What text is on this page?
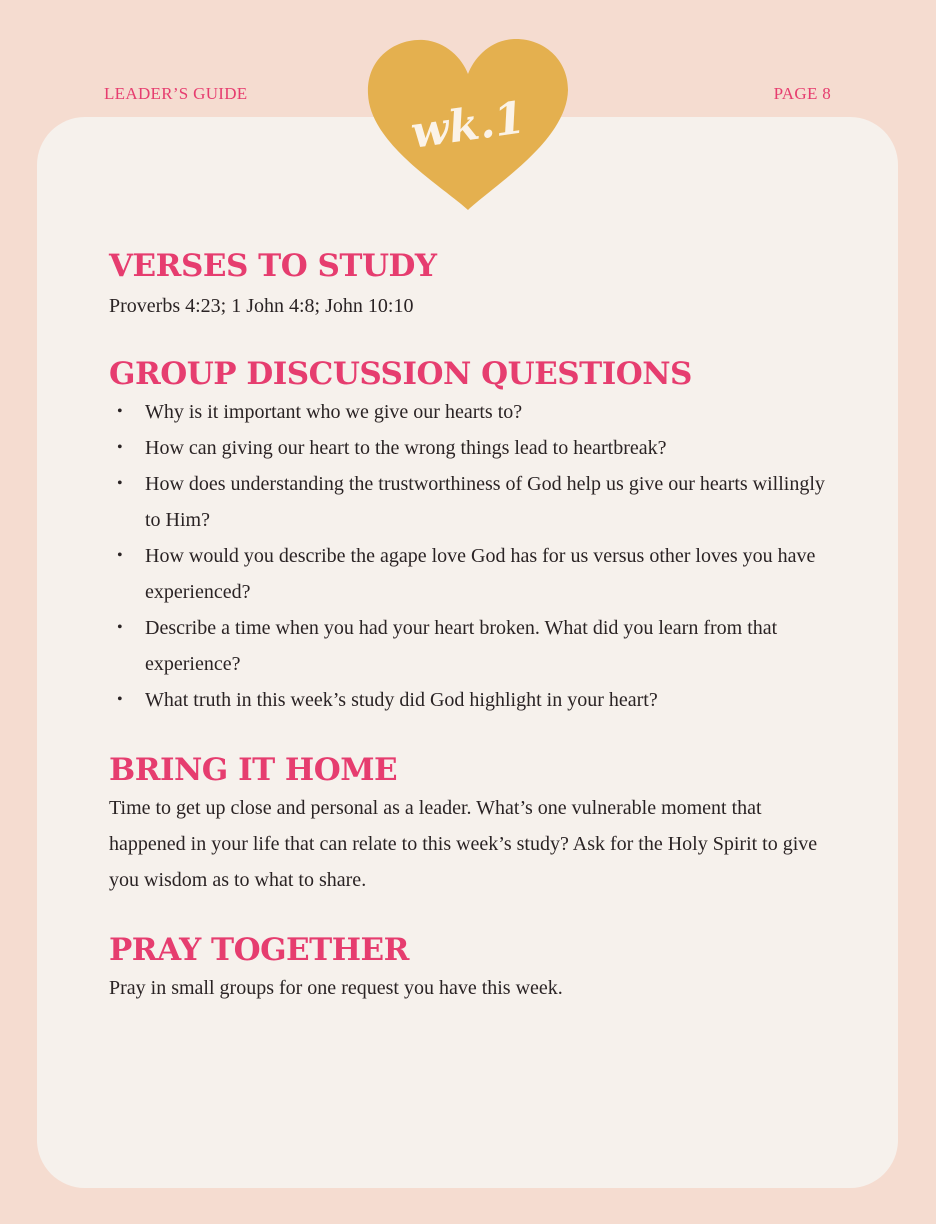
LEADER’S GUIDE	PAGE 8
wk.1
VERSES TO STUDY

Proverbs 4:23; 1 John 4:8; John 10:10

GROUP DISCUSSION QUESTIONS
• Why is it important who we give our hearts to?
• How can giving our heart to the wrong things lead to heartbreak?
• How does understanding the trustworthiness of God help us give our hearts willingly to Him?
• How would you describe the agape love God has for us versus other loves you have experienced?
• Describe a time when you had your heart broken. What did you learn from that experience?
• What truth in this week’s study did God highlight in your heart?
BRING IT HOME

Time to get up close and personal as a leader. What’s one vulnerable moment that happened in your life that can relate to this week’s study? Ask for the Holy Spirit to give you wisdom as to what to share.

PRAY TOGETHER

Pray in small groups for one request you have this week.
